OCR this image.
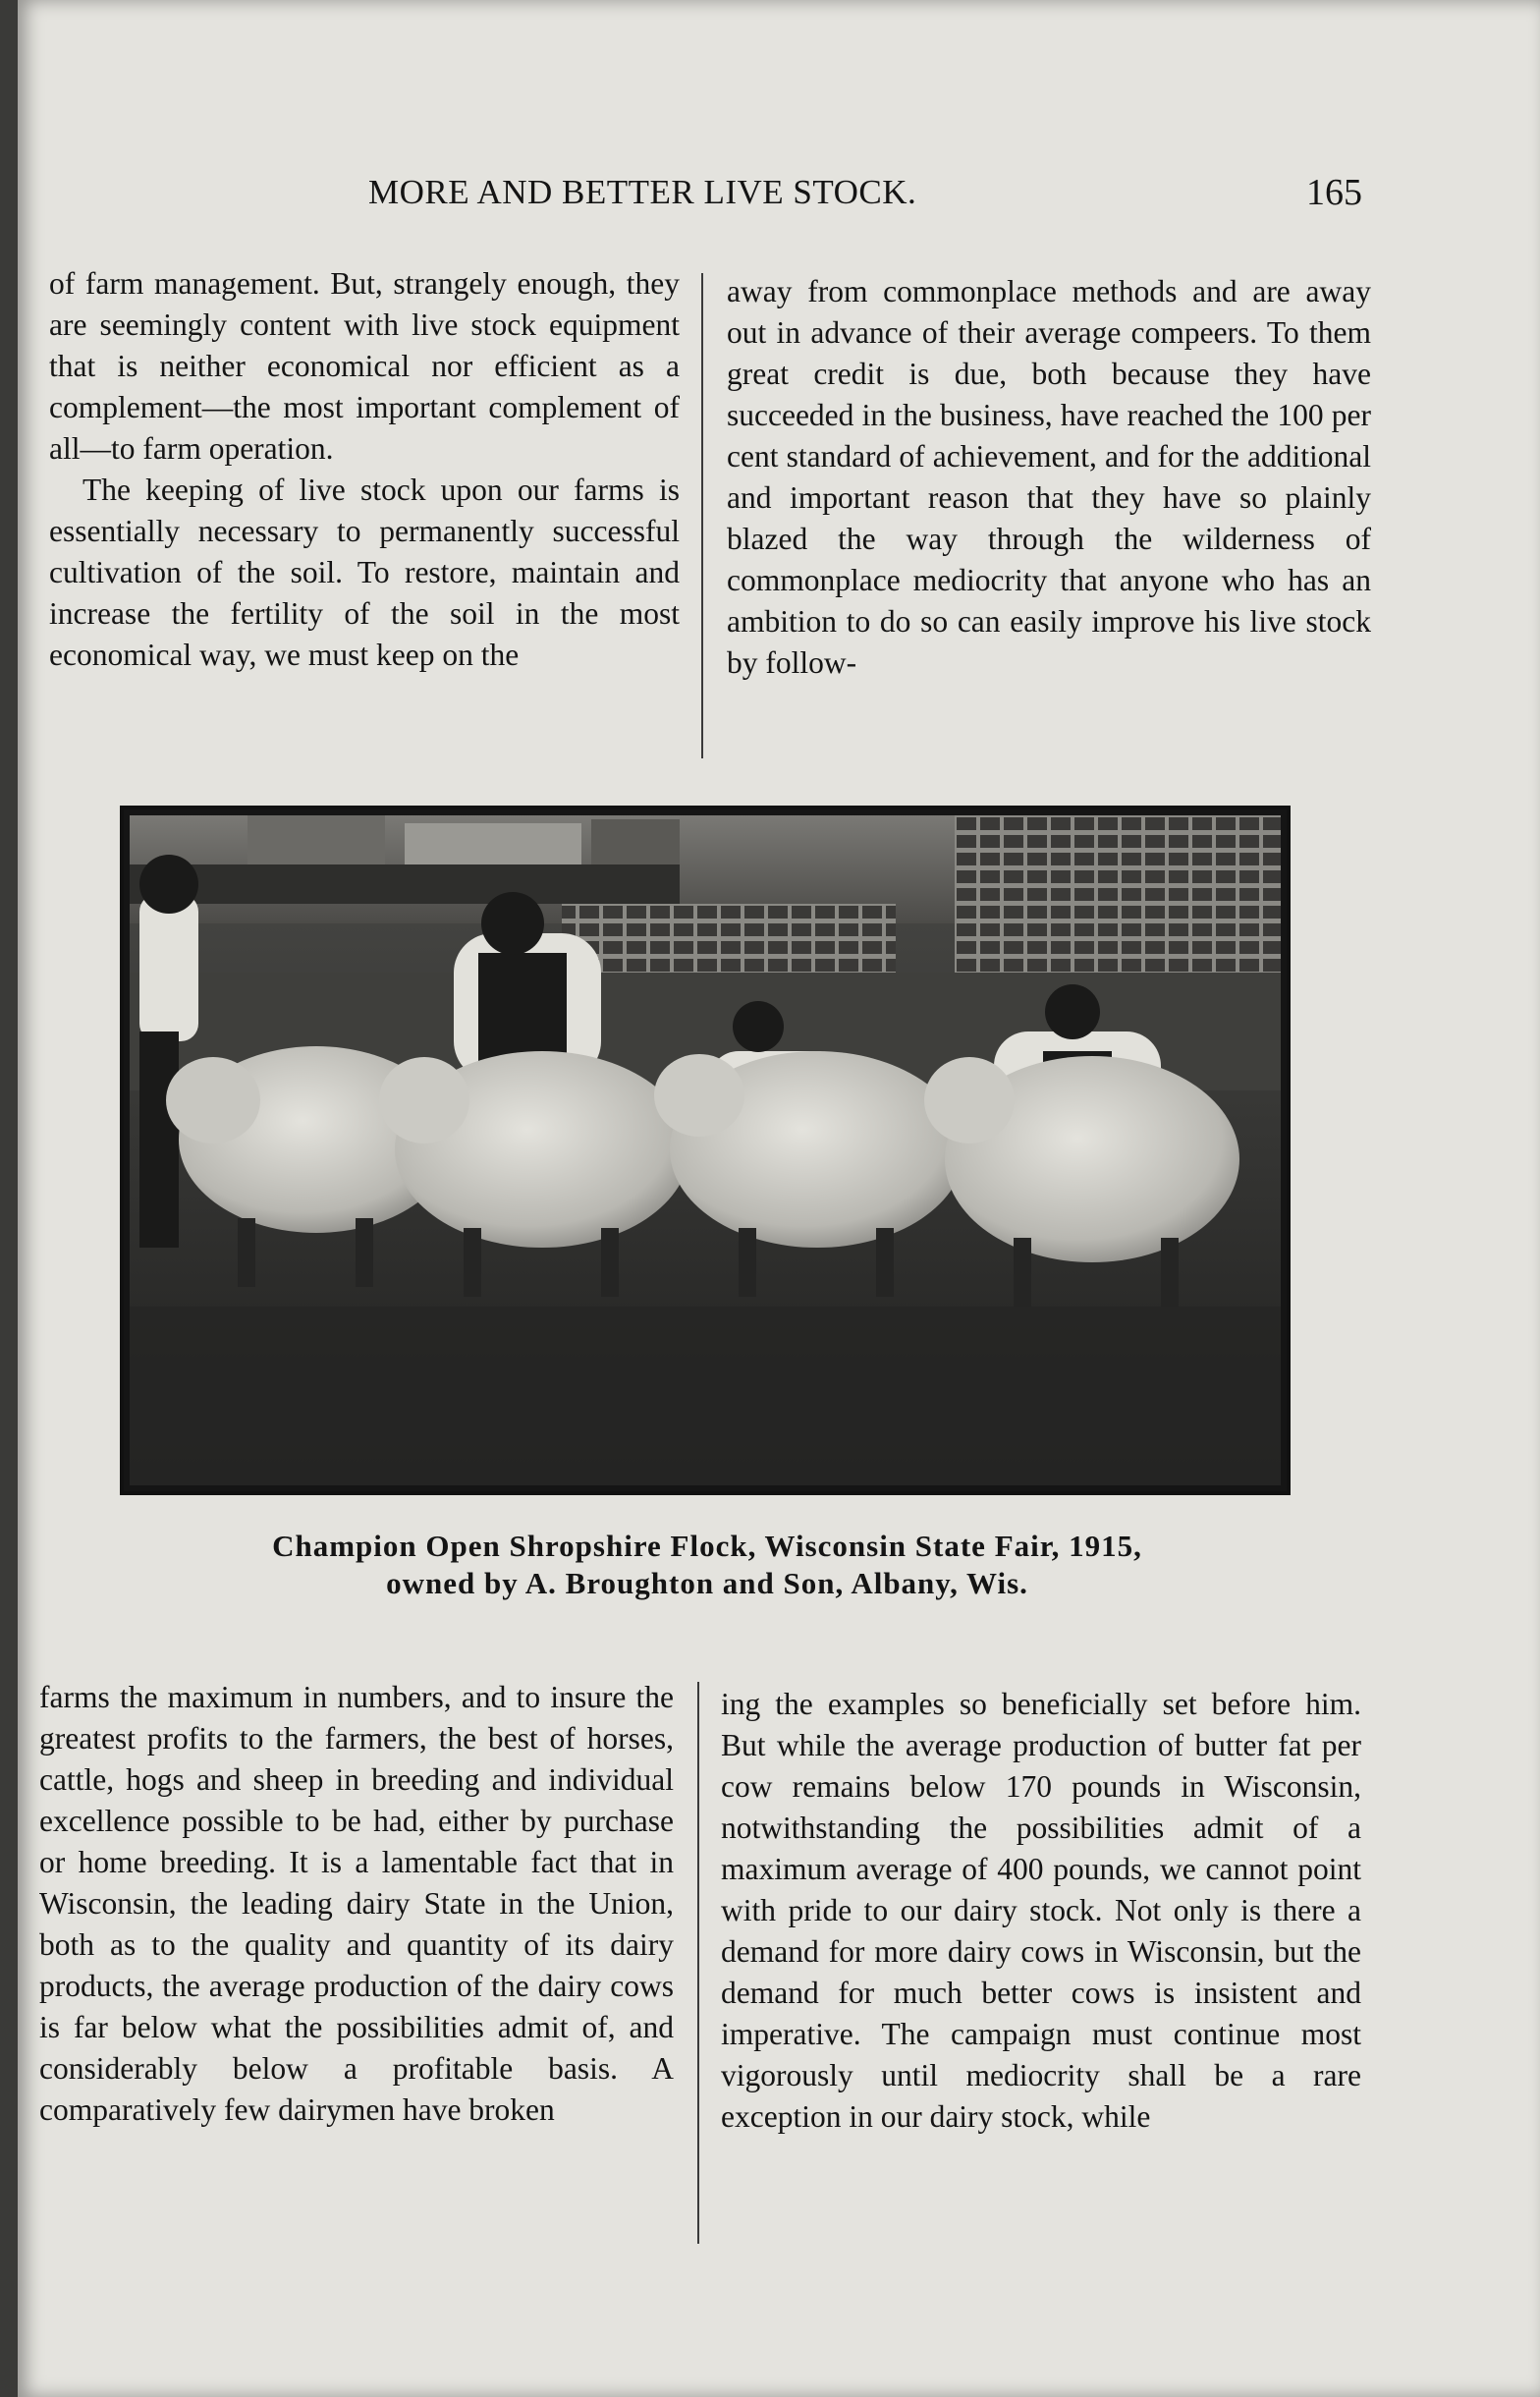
MORE AND BETTER LIVE STOCK.	165

of farm management. But, strangely enough, they are seemingly content with live stock equipment that is neither economical nor efficient as a complement—the most important complement of all—to farm operation.

The keeping of live stock upon our farms is essentially necessary to permanently successful cultivation of the soil. To restore, maintain and increase the fertility of the soil in the most economical way, we must keep on the

away from commonplace methods and are away out in advance of their average compeers. To them great credit is due, both because they have succeeded in the business, have reached the 100 per cent standard of achievement, and for the additional and important reason that they have so plainly blazed the way through the wilderness of commonplace mediocrity that anyone who has an ambition to do so can easily improve his live stock by follow-

Champion Open Shropshire Flock, Wisconsin State Fair, 1915,
owned by A. Broughton and Son, Albany, Wis.

farms the maximum in numbers, and to insure the greatest profits to the farmers, the best of horses, cattle, hogs and sheep in breeding and individual excellence possible to be had, either by purchase or home breeding. It is a lamentable fact that in Wisconsin, the leading dairy State in the Union, both as to the quality and quantity of its dairy products, the average production of the dairy cows is far below what the possibilities admit of, and considerably below a profitable basis. A comparatively few dairymen have broken

ing the examples so beneficially set before him. But while the average production of butter fat per cow remains below 170 pounds in Wisconsin, notwithstanding the possibilities admit of a maximum average of 400 pounds, we cannot point with pride to our dairy stock. Not only is there a demand for more dairy cows in Wisconsin, but the demand for much better cows is insistent and imperative. The campaign must continue most vigorously until mediocrity shall be a rare exception in our dairy stock, while
